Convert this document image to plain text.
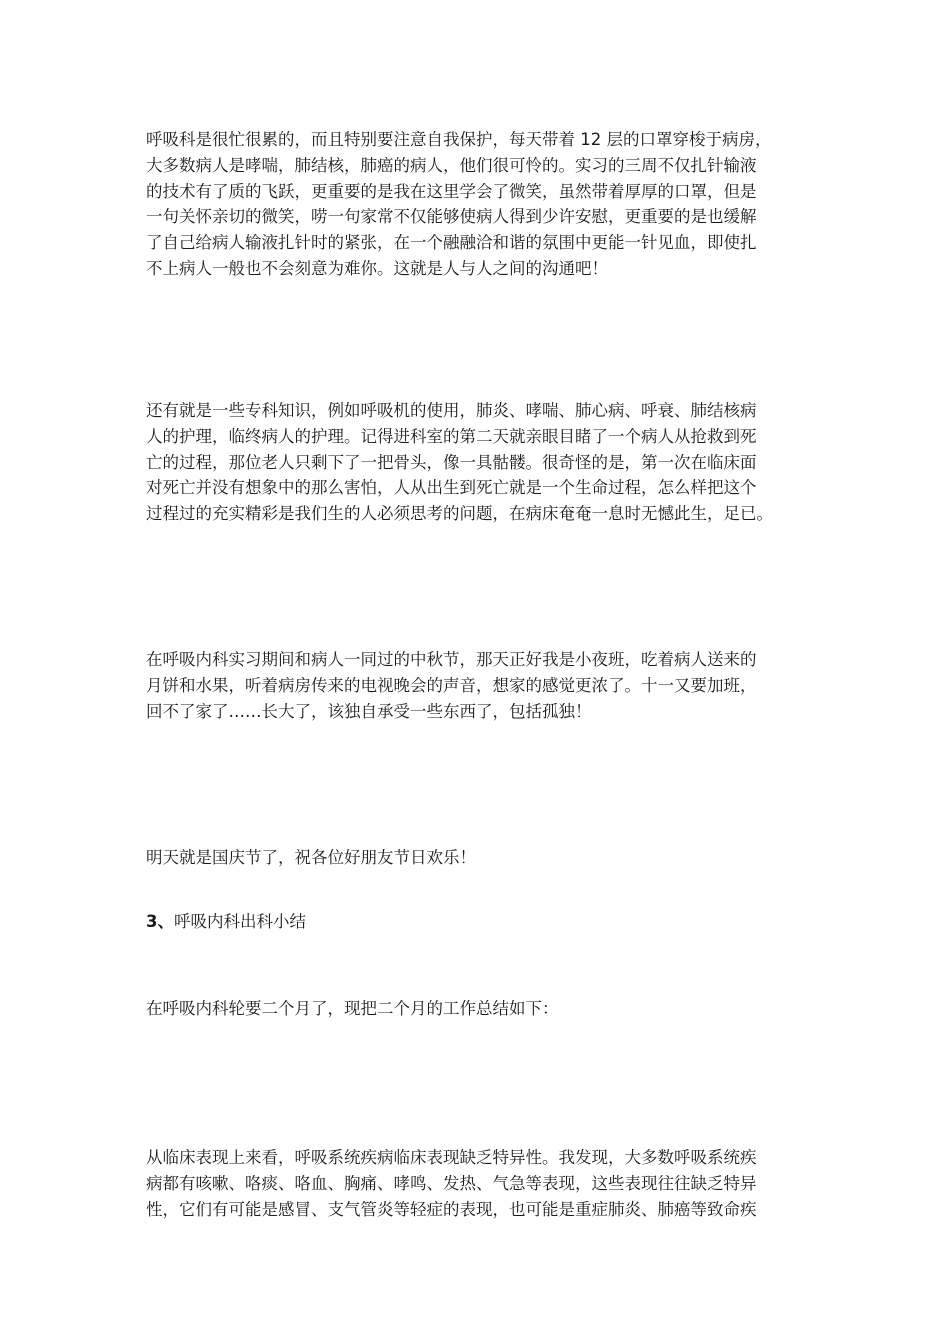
呼吸科是很忙很累的，而且特别要注意自我保护，每天带着 12 层的口罩穿梭于病房，
大多数病人是哮喘，肺结核，肺癌的病人，他们很可怜的。实习的三周不仅扎针输液
的技术有了质的飞跃，更重要的是我在这里学会了微笑，虽然带着厚厚的口罩，但是
一句关怀亲切的微笑，唠一句家常不仅能够使病人得到少许安慰，更重要的是也缓解
了自己给病人输液扎针时的紧张，在一个融融洽和谐的氛围中更能一针见血，即使扎
不上病人一般也不会刻意为难你。这就是人与人之间的沟通吧！
还有就是一些专科知识，例如呼吸机的使用，肺炎、哮喘、肺心病、呼衰、肺结核病
人的护理，临终病人的护理。记得进科室的第二天就亲眼目睹了一个病人从抢救到死
亡的过程，那位老人只剩下了一把骨头，像一具骷髅。很奇怪的是，第一次在临床面
对死亡并没有想象中的那么害怕，人从出生到死亡就是一个生命过程，怎么样把这个
过程过的充实精彩是我们生的人必须思考的问题，在病床奄奄一息时无憾此生，足已。
在呼吸内科实习期间和病人一同过的中秋节，那天正好我是小夜班，吃着病人送来的
月饼和水果，听着病房传来的电视晚会的声音，想家的感觉更浓了。十一又要加班，
回不了家了……长大了，该独自承受一些东西了，包括孤独！
明天就是国庆节了，祝各位好朋友节日欢乐！
3、呼吸内科出科小结
在呼吸内科轮要二个月了，现把二个月的工作总结如下：
从临床表现上来看，呼吸系统疾病临床表现缺乏特异性。我发现，大多数呼吸系统疾
病都有咳嗽、咯痰、咯血、胸痛、哮鸣、发热、气急等表现，这些表现往往缺乏特异
性，它们有可能是感冒、支气管炎等轻症的表现，也可能是重症肺炎、肺癌等致命疾
